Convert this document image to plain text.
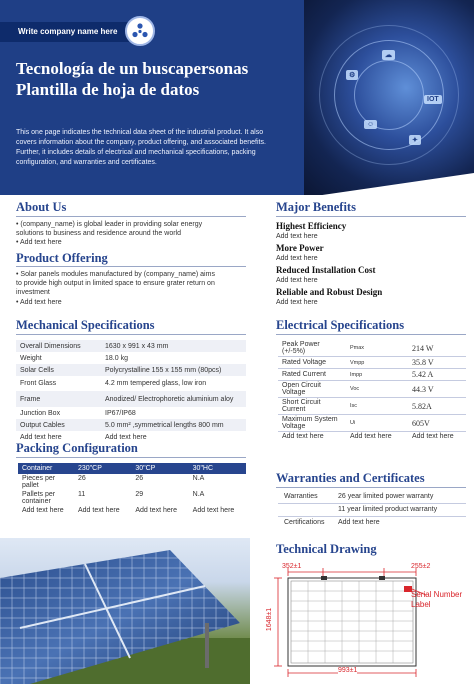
IOT
⚙
☁
☺
✦
Write company name here
Tecnología de un buscapersonas
Plantilla de hoja de datos
This one page indicates the technical data sheet of the industrial product. It also covers information about the company, product offering, and associated benefits. Further, it includes details of electrical and mechanical specifications, packing configuration, and warranties and certificates.
About Us
• (company_name) is global leader in providing solar energy solutions to business and residence around the world
• Add text here
Product Offering
• Solar panels modules manufactured by (company_name) aims to provide high output in limited space to ensure grater return on investment
• Add text here
Major Benefits
Highest Efficiency
Add text here
More Power
Add text here
Reduced Installation Cost
Add text here
Reliable and Robust Design
Add text here
Mechanical Specifications
Overall Dimensions	1630 x 991 x 43 mm
Weight	18.0 kg
Solar Cells	Polycrystalline 155 x 155 mm (80pcs)
Front Glass	4.2 mm tempered glass, low iron
Frame	Anodized/ Electrophoretic aluminium aloy
Junction Box	IP67/IP68
Output Cables	5.0 mm² ,symmetrical lengths 800 mm
Add text here	Add text here
Electrical Specifications
Peak Power (+/-5%)	Pmax	214 W
Rated Voltage	Vmpp	35.8 V
Rated Current	Impp	5.42 A
Open Circuit Voltage	Voc	44.3 V
Short Circuit Current	Isc	5.82A
Maximum System Voltage	Ui	605V
Add text here	Add text here	Add text here
Packing Configuration
Container	230"CP	30"CP	30"HC
Pieces per pallet	26	26	N.A
Pallets per container	11	29	N.A
Add text here	Add text here	Add text here	Add text here
Warranties and Certificates
Warranties	26 year limited power warranty
	11 year limited product warranty
Certifications	Add text here
Technical Drawing
352±1	255±2
1648±1
993±1
Serial Number
Label
